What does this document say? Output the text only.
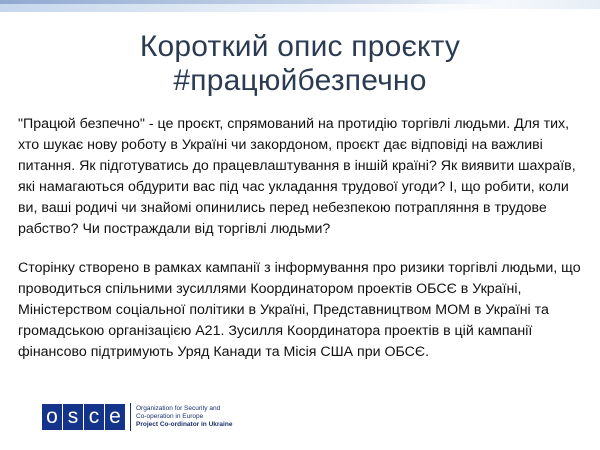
Короткий опис проєкту
#працюйбезпечно

"Працюй безпечно" - це проєкт, спрямований на протидію торгівлі людьми. Для тих, хто шукає нову роботу в Україні чи закордоном, проєкт дає відповіді на важливі питання. Як підготуватись до працевлаштування в іншій країні? Як виявити шахраїв, які намагаються обдурити вас під час укладання трудової угоди? І, що робити, коли ви, ваші родичі чи знайомі опинились перед небезпекою потрапляння в трудове рабство? Чи постраждали від торгівлі людьми?

Сторінку створено в рамках кампанії з інформування про ризики торгівлі людьми, що проводиться спільними зусиллями Координатором проектів ОБСЄ в Україні, Міністерством соціальної політики в Україні, Представництвом МОМ в Україні та громадською організацією А21. Зусилля Координатора проектів в цій кампанії фінансово підтримують Уряд Канади та Місія США при ОБСЄ.

o s c e	Organization for Security and
Co-operation in Europe
Project Co-ordinator in Ukraine
